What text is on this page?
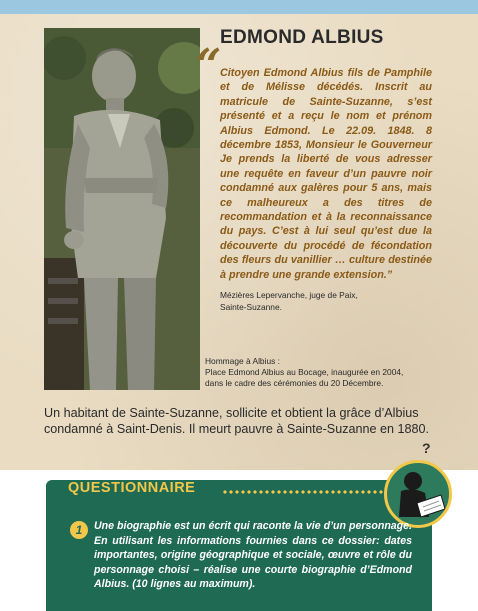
EDMOND ALBIUS
“

Citoyen Edmond Albius fils de Pamphile et de Mélisse décédés. Inscrit au matricule de Sainte-Suzanne, s’est présenté et a reçu le nom et prénom Albius Edmond. Le 22.09. 1848. 8 décembre 1853, Monsieur le Gouverneur Je prends la liberté de vous adresser une requête en faveur d’un pauvre noir condamné aux galères pour 5 ans, mais ce malheureux a des titres de recommandation et à la reconnaissance du pays. C’est à lui seul qu’est due la découverte du procédé de fécondation des fleurs du vanillier … culture destinée à prendre une grande extension.”

Mézières Lepervanche, juge de Paix,
Sainte-Suzanne.
Hommage à Albius :
Place Edmond Albius au Bocage, inaugurée en 2004,
dans le cadre des cérémonies du 20 Décembre.

Un habitant de Sainte-Suzanne, sollicite et obtient la grâce d’Albius condamné à Saint-Denis. Il meurt pauvre à Sainte-Suzanne en 1880.

?
QUESTIONNAIRE
1	Une biographie est un écrit qui raconte la vie d’un personnage. En utilisant les informations fournies dans ce dossier: dates importantes, origine géographique et sociale, œuvre et rôle du personnage choisi – réalise une courte biographie d’Edmond Albius. (10 lignes au maximum).
